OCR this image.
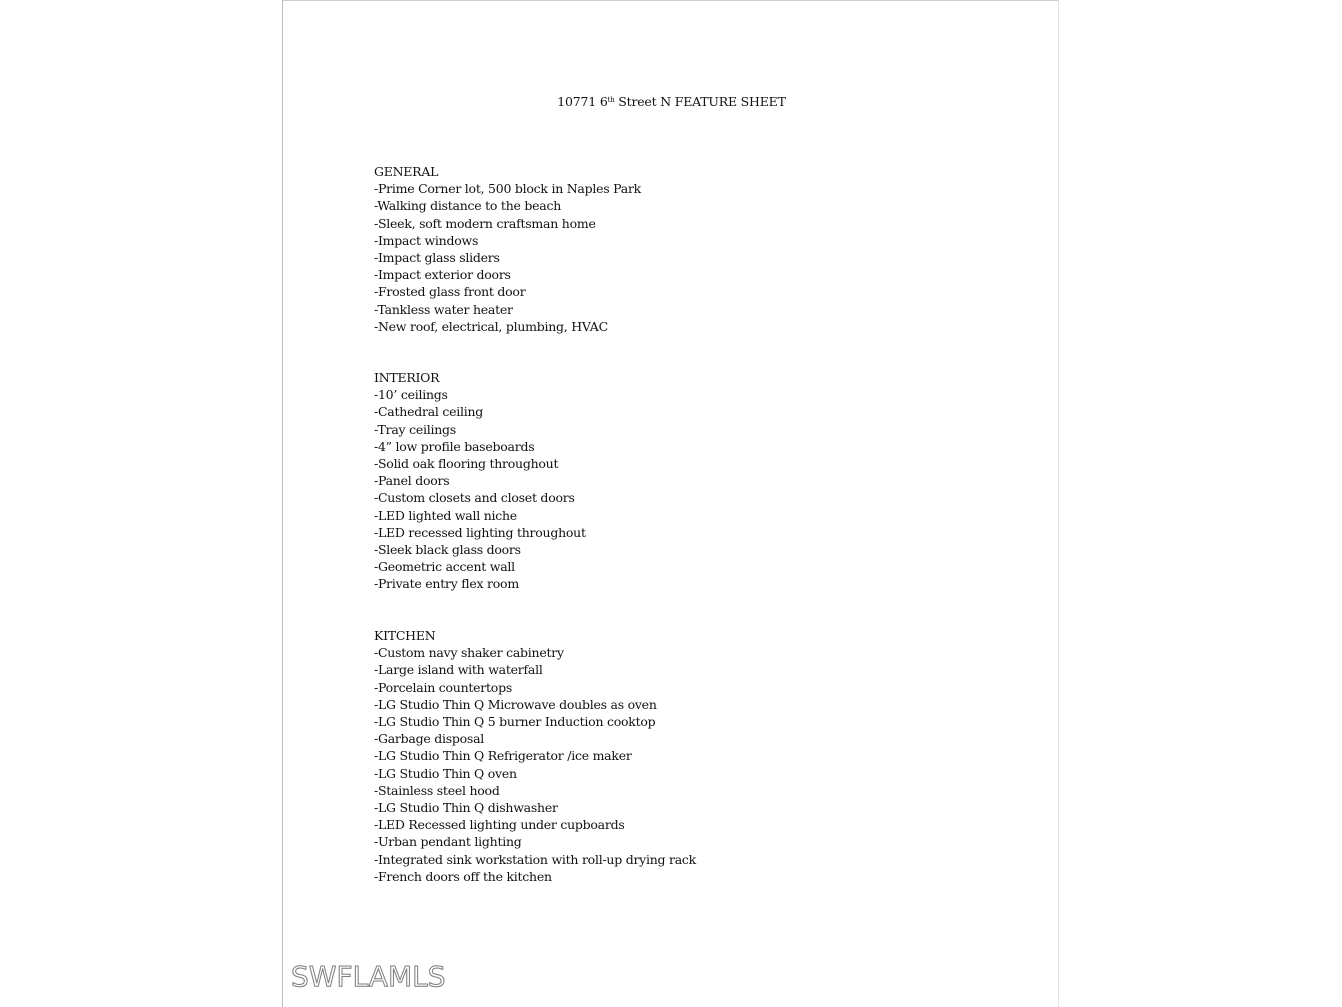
10771 6th Street N FEATURE SHEET
GENERAL
-Prime Corner lot, 500 block in Naples Park
-Walking distance to the beach
-Sleek, soft modern craftsman home
-Impact windows
-Impact glass sliders
-Impact exterior doors
-Frosted glass front door
-Tankless water heater
-New roof, electrical, plumbing, HVAC
INTERIOR
-10’ ceilings
-Cathedral ceiling
-Tray ceilings
-4” low profile baseboards
-Solid oak flooring throughout
-Panel doors
-Custom closets and closet doors
-LED lighted wall niche
-LED recessed lighting throughout
-Sleek black glass doors
-Geometric accent wall
-Private entry flex room
KITCHEN
-Custom navy shaker cabinetry
-Large island with waterfall
-Porcelain countertops
-LG Studio Thin Q Microwave doubles as oven
-LG Studio Thin Q 5 burner Induction cooktop
-Garbage disposal
-LG Studio Thin Q Refrigerator /ice maker
-LG Studio Thin Q oven
-Stainless steel hood
-LG Studio Thin Q dishwasher
-LED Recessed lighting under cupboards
-Urban pendant lighting
-Integrated sink workstation with roll-up drying rack
-French doors off the kitchen
SWFLAMLS
